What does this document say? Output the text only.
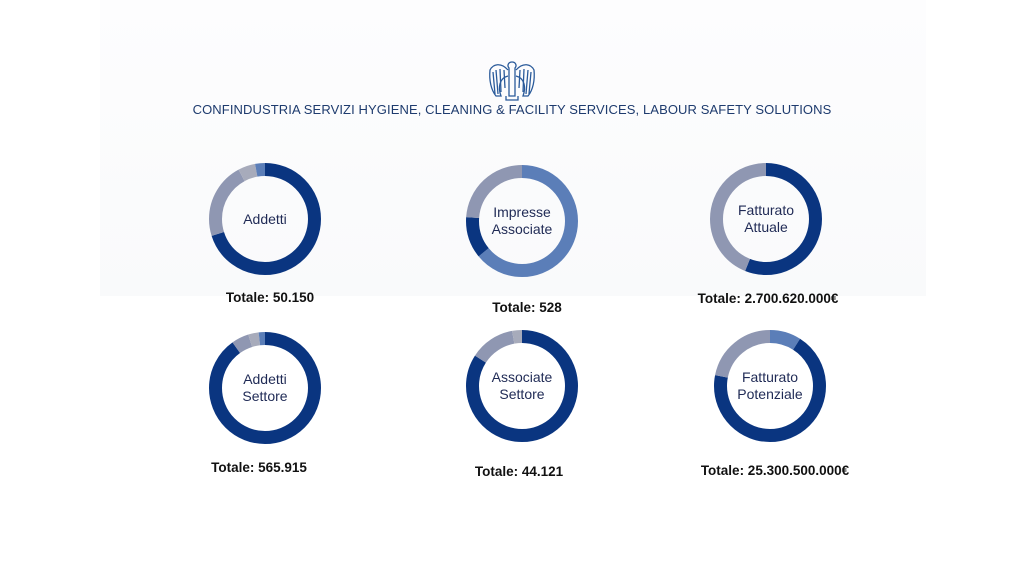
CONFINDUSTRIA SERVIZI HYGIENE, CLEANING & FACILITY SERVICES, LABOUR SAFETY SOLUTIONS
Addetti
Totale: 50.150
Impresse
Associate
Totale: 528
Fatturato
Attuale
Totale: 2.700.620.000€
Addetti
Settore
Totale: 565.915
Associate
Settore
Totale: 44.121
Fatturato
Potenziale
Totale: 25.300.500.000€
